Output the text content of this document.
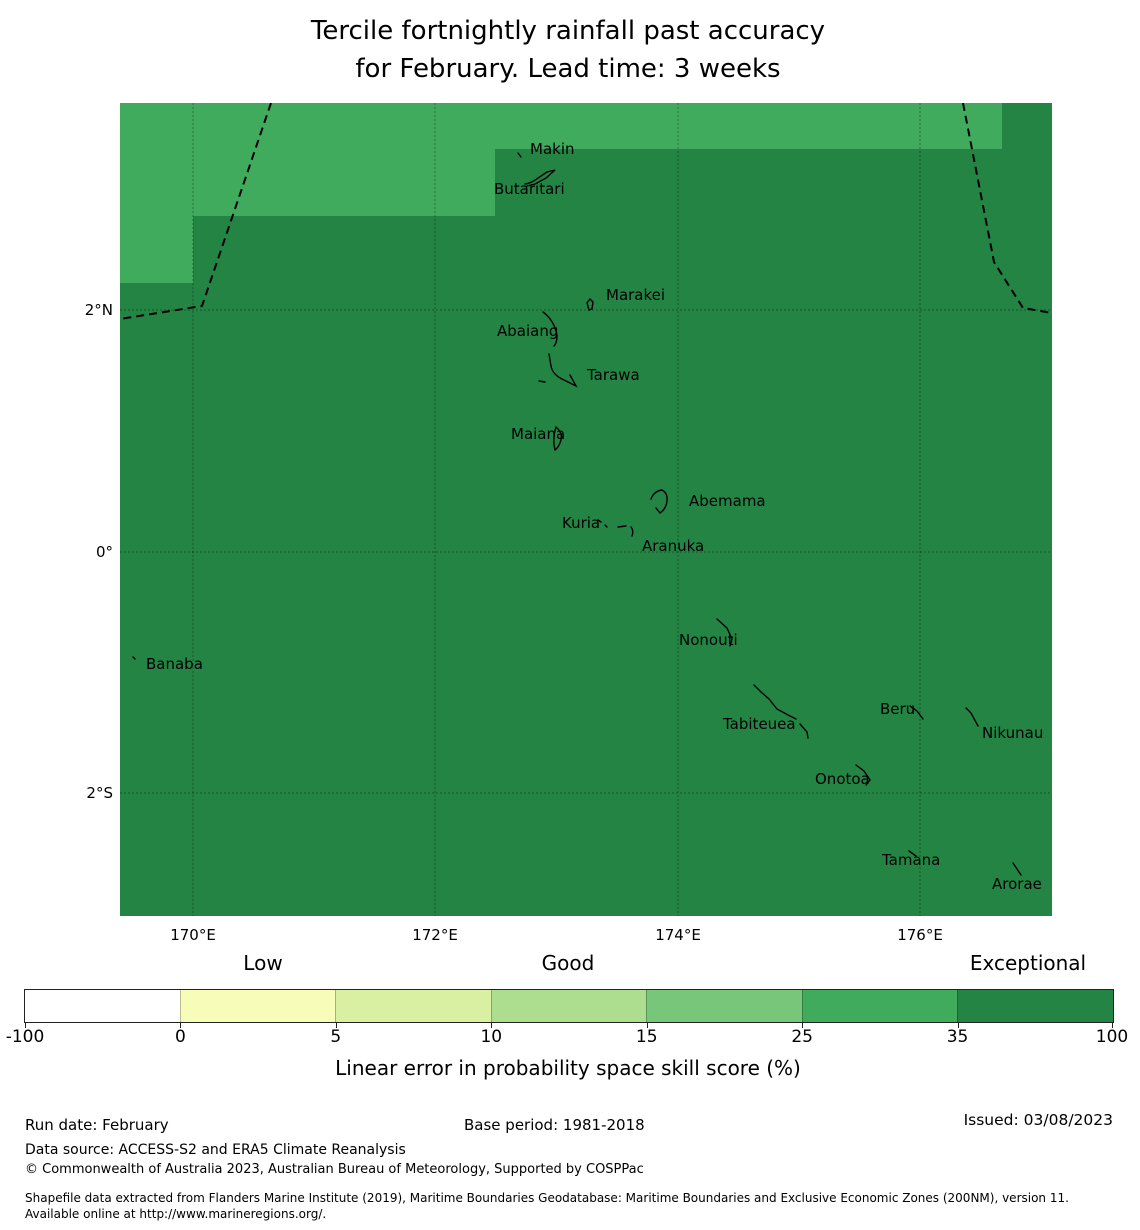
Tercile fortnightly rainfall past accuracy
for February. Lead time: 3 weeks
Makin
Butaritari
Marakei
Abaiang
Tarawa
Maiana
Abemama
Kuria
Aranuka
Nonouti
Banaba
Tabiteuea
Beru
Nikunau
Onotoa
Tamana
Arorae
2°N
0°
2°S
170°E	172°E	174°E	176°E
Low	Good	Exceptional
-100	0	5	10	15	25	35	100
Linear error in probability space skill score (%)
Run date: February	Base period: 1981-2018	Issued: 03/08/2023
Data source: ACCESS-S2 and ERA5 Climate Reanalysis
© Commonwealth of Australia 2023, Australian Bureau of Meteorology, Supported by COSPPac
Shapefile data extracted from Flanders Marine Institute (2019), Maritime Boundaries Geodatabase: Maritime Boundaries and Exclusive Economic Zones (200NM), version 11. Available online at http://www.marineregions.org/.
